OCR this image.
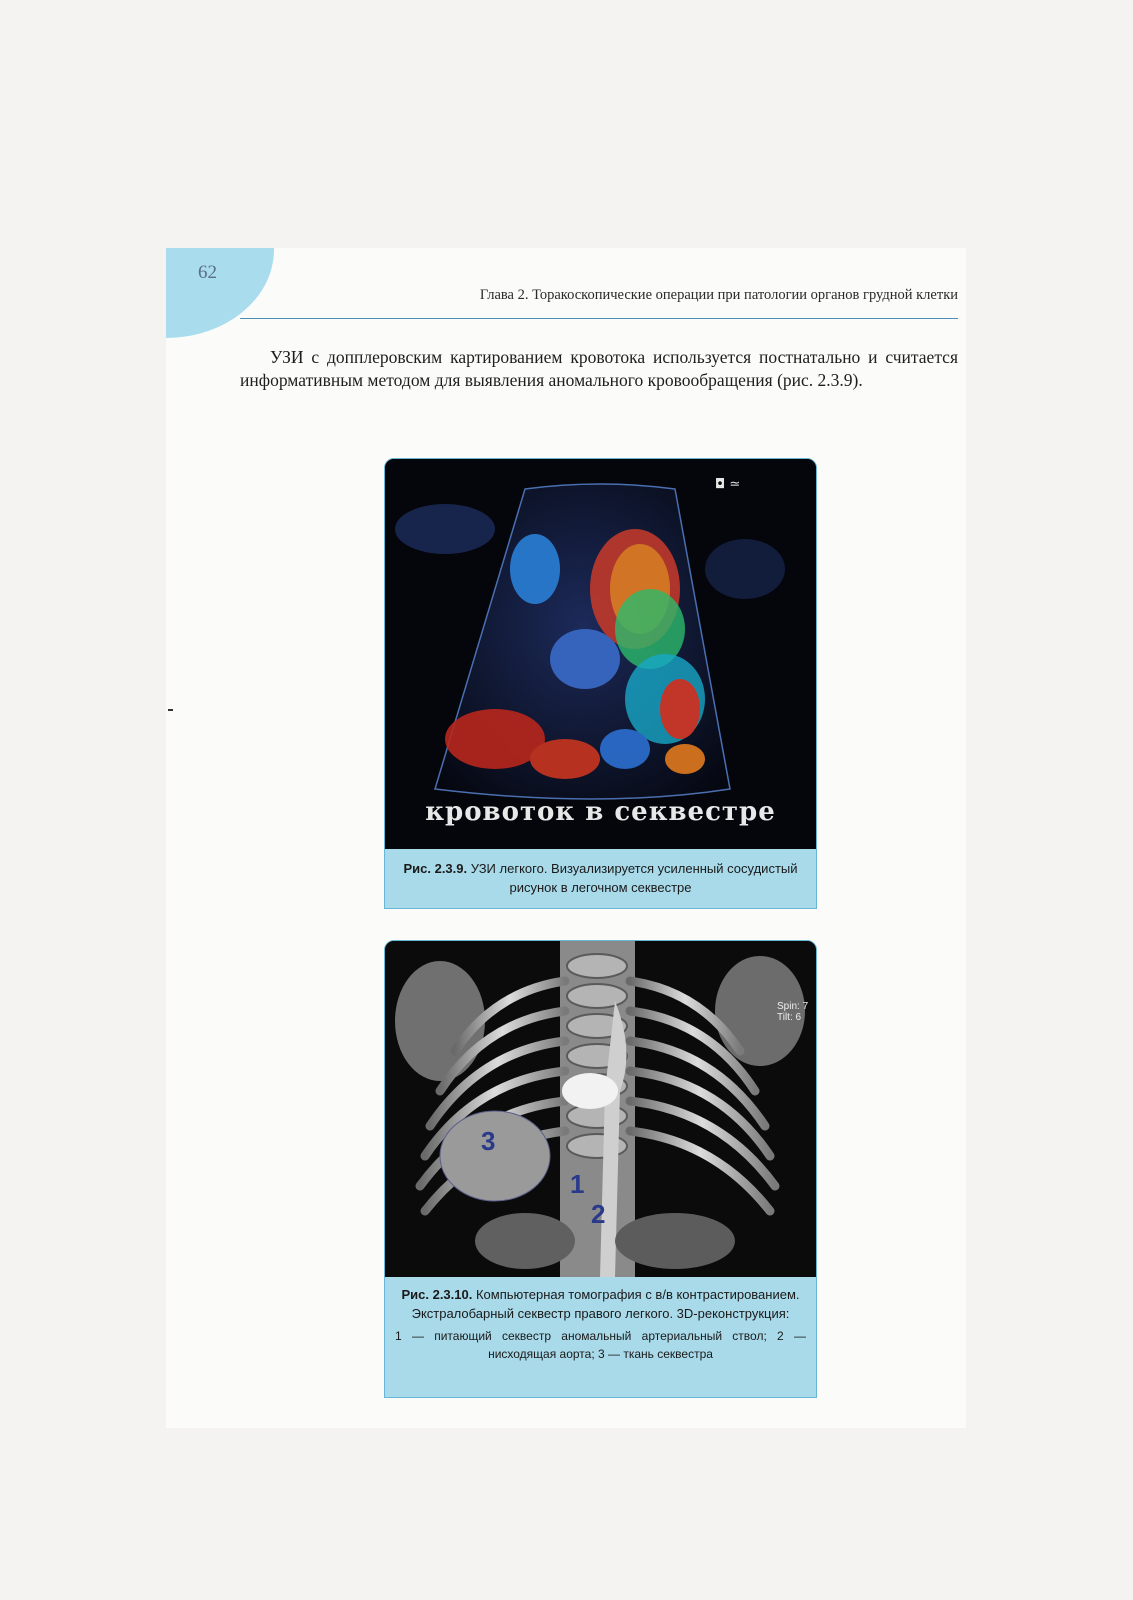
62
Глава 2. Торакоскопические операции при патологии органов грудной клетки

УЗИ с допплеровским картированием кровотока используется постнатально и считается информативным методом для выявления аномального кровообращения (рис. 2.3.9).

◘ ≃
кровоток в секвестре
Рис. 2.3.9. УЗИ легкого. Визуализируется усиленный сосудистый рисунок в легочном секвестре
Spin: 7
Tilt: 6
1
2
3
Рис. 2.3.10. Компьютерная томография с в/в контрастированием. Экстралобарный секвестр правого легкого. 3D-реконструкция:
1 — питающий секвестр аномальный артериальный ствол; 2 — нисходящая аорта; 3 — ткань секвестра
